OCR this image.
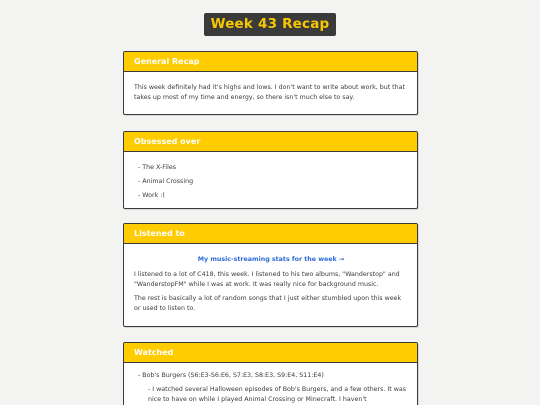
Week 43 Recap
General Recap

This week definitely had it's highs and lows. I don't want to write about work, but that takes up most of my time and energy, so there isn't much else to say.

Obsessed over
- The X-Files
- Animal Crossing
- Work :(
Listened to
My music-streaming stats for the week →

I listened to a lot of C418, this week. I listened to his two albums, "Wanderstop" and "WanderstopFM" while I was at work. It was really nice for background music.

The rest is basically a lot of random songs that I just either stumbled upon this week or used to listen to.

Watched
- Bob's Burgers (S6:E3-S6:E6, S7:E3, S8:E3, S9:E4, S11:E4)
- I watched several Halloween episodes of Bob's Burgers, and a few others. It was nice to have on while I played Animal Crossing or Minecraft. I haven't
